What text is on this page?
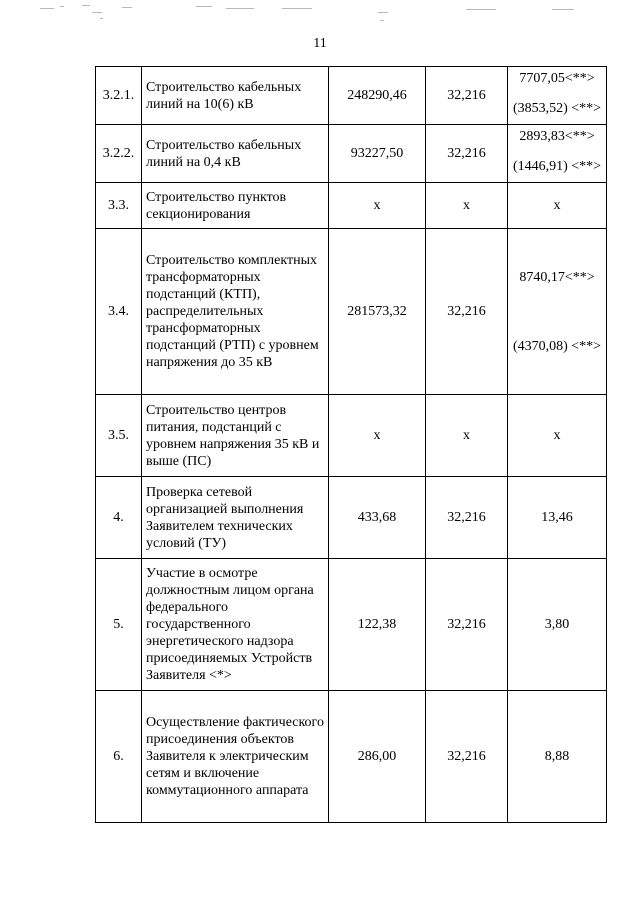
11
3.2.1.	Строительство кабельных линий на 10(6) кВ	248290,46	32,216	7707,05<**>
(3853,52) <**>

3.2.2.	Строительство кабельных линий на 0,4 кВ	93227,50	32,216	2893,83<**>
(1446,91) <**>

3.3.	Строительство пунктов секционирования	x	x	x
3.4.	Строительство комплектных трансформаторных подстанций (КТП), распределительных трансформаторных подстанций (РТП) с уровнем напряжения до 35 кВ	281573,32	32,216	8740,17<**>
(4370,08) <**>

3.5.	Строительство центров питания, подстанций с уровнем напряжения 35 кВ и выше (ПС)	x	x	x
4.	Проверка сетевой организацией выполнения Заявителем технических условий (ТУ)	433,68	32,216	13,46
5.	Участие в осмотре должностным лицом органа федерального государственного энергетического надзора присоединяемых Устройств Заявителя <*>	122,38	32,216	3,80
6.	Осуществление фактического присоединения объектов Заявителя к электрическим сетям и включение коммутационного аппарата	286,00	32,216	8,88
